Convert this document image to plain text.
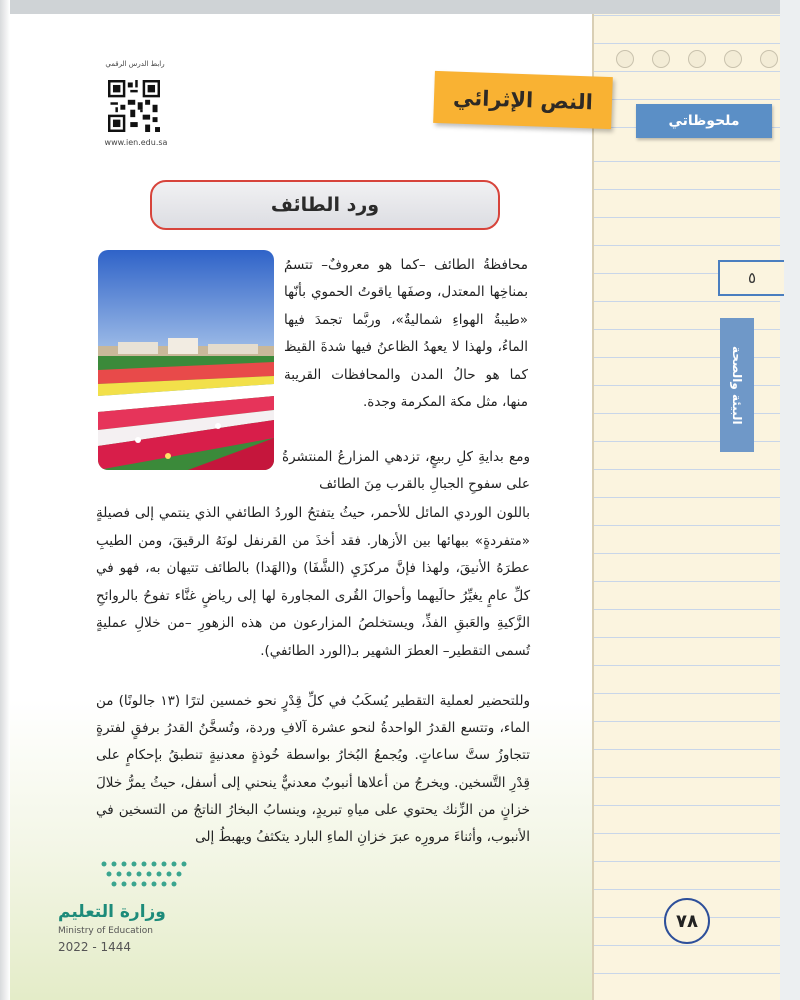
رابط الدرس الرقمي
www.ien.edu.sa
النص الإثرائي
ملحوظاتي
ورد الطائف
٥
البيئة والصحة
محافظةُ الطائف –كما هو معروفٌ– تتسمُ بمناخِها المعتدل، وصفَها ياقوتُ الحموي بأنّها «طيبةُ الهواءِ شماليةٌ»، وربَّما تجمدَ فيها الماءُ، ولهذا لا يعهدُ الظاعنُ فيها شدةَ القيظ كما هو حالُ المدن والمحافظات القريبة منها، مثل مكة المكرمة وجدة.
ومع بدايةِ كلِ ربيعٍ، تزدهي المزارعُ المنتشرةُ على سفوحِ الجبالِ بالقرب مِنَ الطائف
باللون الوردي المائل للأحمر، حيثُ يتفتحُ الوردُ الطائفي الذي ينتمي إلى فصيلةٍ «متفردةٍ» ببهائها بين الأزهار. فقد أخذَ من القرنفل لونَهُ الرقيقَ، ومن الطيبِ عطرَهُ الأنيقَ، ولهذا فإنَّ مركزَيِ (الشَّفَا) و(الهَدا) بالطائف تتيهان به، فهو في كلِّ عامٍ يغيِّرُ حالَيهما وأحوالَ القُرى المجاورة لها إلى رياضٍ غنَّاء تفوحُ بالروائحِ الزَّكيةِ والعَبقِ الفذِّ، ويستخلصُ المزارعون من هذه الزهورِ –من خلالِ عمليةٍ تُسمى التقطير– العطرَ الشهير بـ(الورد الطائفي).
وللتحضير لعملية التقطير يُسكَبُ في كلِّ قِدْرٍ نحو خمسين لترًا (١٣ جالونًا) من الماء، وتتسع القدرُ الواحدةُ لنحو عشرة آلافِ وردة، وتُسخَّنُ القدرُ برفقٍ لفترةٍ تتجاوزُ ستَّ ساعاتٍ. ويُجمعُ البُخارُ بواسطة خُوذةٍ معدنيةٍ تنطبقُ بإحكامٍ على قِدْرِ التَّسخين. ويخرجُ من أعلاها أنبوبٌ معدنيٌّ ينحني إلى أسفل، حيثُ يمرُّ خلالَ خزانٍ من الزِّنك يحتوي على مياهِ تبريدٍ، وينسابُ البخارُ الناتجُ من التسخين في الأنبوب، وأثناءَ مرورِه عبرَ خزانِ الماءِ البارد يتكثفُ ويهبطُ إلى
وزارة التعليم
Ministry of Education
2022 - 1444
٧٨
